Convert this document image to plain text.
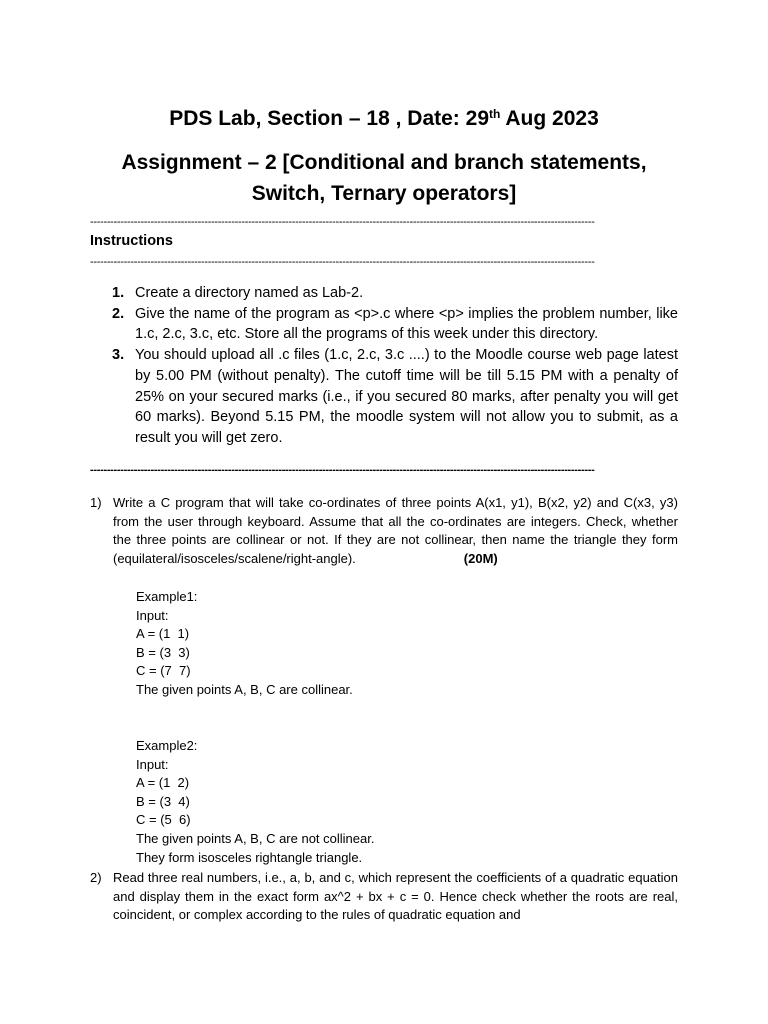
PDS Lab, Section – 18 , Date: 29th Aug 2023
Assignment – 2 [Conditional and branch statements,
Switch, Ternary operators]
------------------------------------------------------------------------------------------------------------------------------------------------------
Instructions
------------------------------------------------------------------------------------------------------------------------------------------------------
1. Create a directory named as Lab-2.
2. Give the name of the program as <p>.c where <p> implies the problem number, like 1.c, 2.c, 3.c, etc. Store all the programs of this week under this directory.
3. You should upload all .c files (1.c, 2.c, 3.c ....) to the Moodle course web page latest by 5.00 PM (without penalty). The cutoff time will be till 5.15 PM with a penalty of 25% on your secured marks (i.e., if you secured 80 marks, after penalty you will get 60 marks). Beyond 5.15 PM, the moodle system will not allow you to submit, as a result you will get zero.
------------------------------------------------------------------------------------------------------------------------------------------------------
1) Write a C program that will take co-ordinates of three points A(x1, y1), B(x2, y2) and C(x3, y3) from the user through keyboard. Assume that all the co-ordinates are integers. Check, whether the three points are collinear or not. If they are not collinear, then name the triangle they form (equilateral/isosceles/scalene/right-angle).	(20M)
Example1:
Input:
A = (1  1)
B = (3  3)
C = (7  7)
The given points A, B, C are collinear.
Example2:
Input:
A = (1  2)
B = (3  4)
C = (5  6)
The given points A, B, C are not collinear.
They form isosceles rightangle triangle.
2) Read three real numbers, i.e., a, b, and c, which represent the coefficients of a quadratic equation and display them in the exact form ax^2 + bx + c = 0. Hence check whether the roots are real, coincident, or complex according to the rules of quadratic equation and
